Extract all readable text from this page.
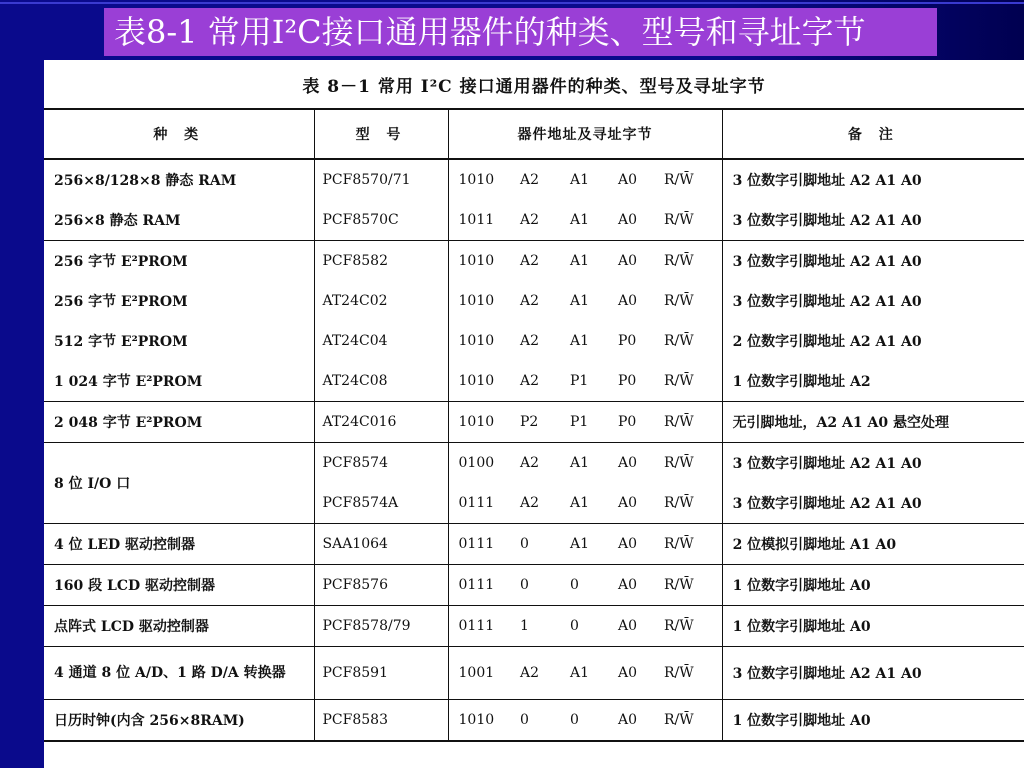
表8-1 常用I²C接口通用器件的种类、型号和寻址字节
表 8－1 常用 I²C 接口通用器件的种类、型号及寻址字节
种 类	型 号	器件地址及寻址字节					备 注
256×8/128×8 静态 RAM	PCF8570/71	1010	A2	A1	A0	R/W̄	3 位数字引脚地址 A2 A1 A0
256×8 静态 RAM	PCF8570C	1011	A2	A1	A0	R/W̄	3 位数字引脚地址 A2 A1 A0
256 字节 E²PROM	PCF8582	1010	A2	A1	A0	R/W̄	3 位数字引脚地址 A2 A1 A0
256 字节 E²PROM	AT24C02	1010	A2	A1	A0	R/W̄	3 位数字引脚地址 A2 A1 A0
512 字节 E²PROM	AT24C04	1010	A2	A1	P0	R/W̄	2 位数字引脚地址 A2 A1 A0
1 024 字节 E²PROM	AT24C08	1010	A2	P1	P0	R/W̄	1 位数字引脚地址 A2
2 048 字节 E²PROM	AT24C016	1010	P2	P1	P0	R/W̄	无引脚地址，A2 A1 A0 悬空处理
8 位 I/O 口	PCF8574	0100	A2	A1	A0	R/W̄	3 位数字引脚地址 A2 A1 A0
	PCF8574A	0111	A2	A1	A0	R/W̄	3 位数字引脚地址 A2 A1 A0
4 位 LED 驱动控制器	SAA1064	0111	0	A1	A0	R/W̄	2 位模拟引脚地址 A1 A0
160 段 LCD 驱动控制器	PCF8576	0111	0	0	A0	R/W̄	1 位数字引脚地址 A0
点阵式 LCD 驱动控制器	PCF8578/79	0111	1	0	A0	R/W̄	1 位数字引脚地址 A0
4 通道 8 位 A/D、1 路 D/A 转换器	PCF8591	1001	A2	A1	A0	R/W̄	3 位数字引脚地址 A2 A1 A0
日历时钟(内含 256×8RAM)	PCF8583	1010	0	0	A0	R/W̄	1 位数字引脚地址 A0
